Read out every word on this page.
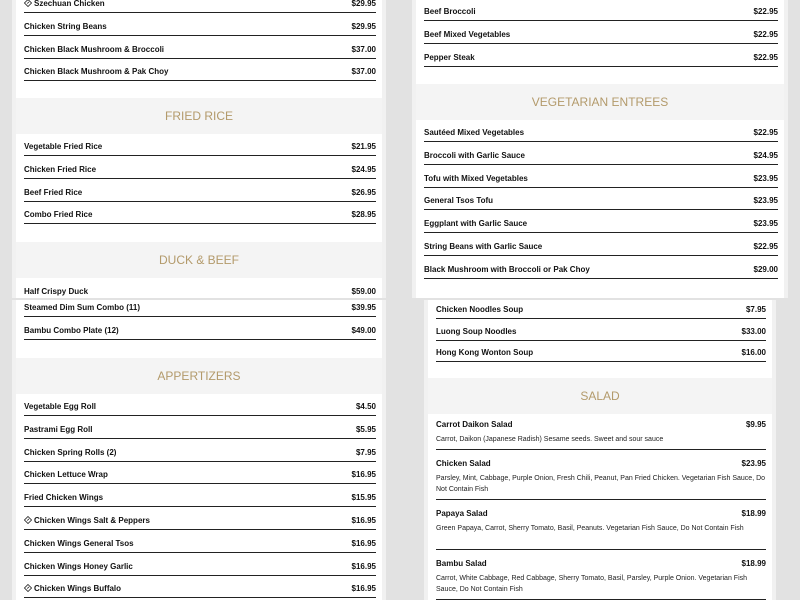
Szechuan Chicken	$29.95
Chicken String Beans	$29.95
Chicken Black Mushroom & Broccoli	$37.00
Chicken Black Mushroom & Pak Choy	$37.00
FRIED RICE
Vegetable Fried Rice	$21.95
Chicken Fried Rice	$24.95
Beef Fried Rice	$26.95
Combo Fried Rice	$28.95
DUCK & BEEF
Half Crispy Duck	$59.00
Beef Broccoli	$22.95
Beef Mixed Vegetables	$22.95
Pepper Steak	$22.95
VEGETARIAN ENTREES
Sautéed Mixed Vegetables	$22.95
Broccoli with Garlic Sauce	$24.95
Tofu with Mixed Vegetables	$23.95
General Tsos Tofu	$23.95
Eggplant with Garlic Sauce	$23.95
String Beans with Garlic Sauce	$22.95
Black Mushroom with Broccoli or Pak Choy	$29.00
Steamed Dim Sum Combo (11)	$39.95
Bambu Combo Plate (12)	$49.00
APPERTIZERS
Vegetable Egg Roll	$4.50
Pastrami Egg Roll	$5.95
Chicken Spring Rolls (2)	$7.95
Chicken Lettuce Wrap	$16.95
Fried Chicken Wings	$15.95
Chicken Wings Salt & Peppers	$16.95
Chicken Wings General Tsos	$16.95
Chicken Wings Honey Garlic	$16.95
Chicken Wings Buffalo	$16.95
Chicken Noodles Soup	$7.95
Luong Soup Noodles	$33.00
Hong Kong Wonton Soup	$16.00
SALAD
Carrot Daikon Salad	$9.95
Carrot, Daikon (Japanese Radish) Sesame seeds. Sweet and sour sauce
Chicken Salad	$23.95
Parsley, Mint, Cabbage, Purple Onion, Fresh Chili, Peanut, Pan Fried Chicken. Vegetarian Fish Sauce, Do Not Contain Fish
Papaya Salad	$18.99
Green Papaya, Carrot, Sherry Tomato, Basil, Peanuts. Vegetarian Fish Sauce, Do Not Contain Fish
Bambu Salad	$18.99
Carrot, White Cabbage, Red Cabbage, Sherry Tomato, Basil, Parsley, Purple Onion. Vegetarian Fish Sauce, Do Not Contain Fish
